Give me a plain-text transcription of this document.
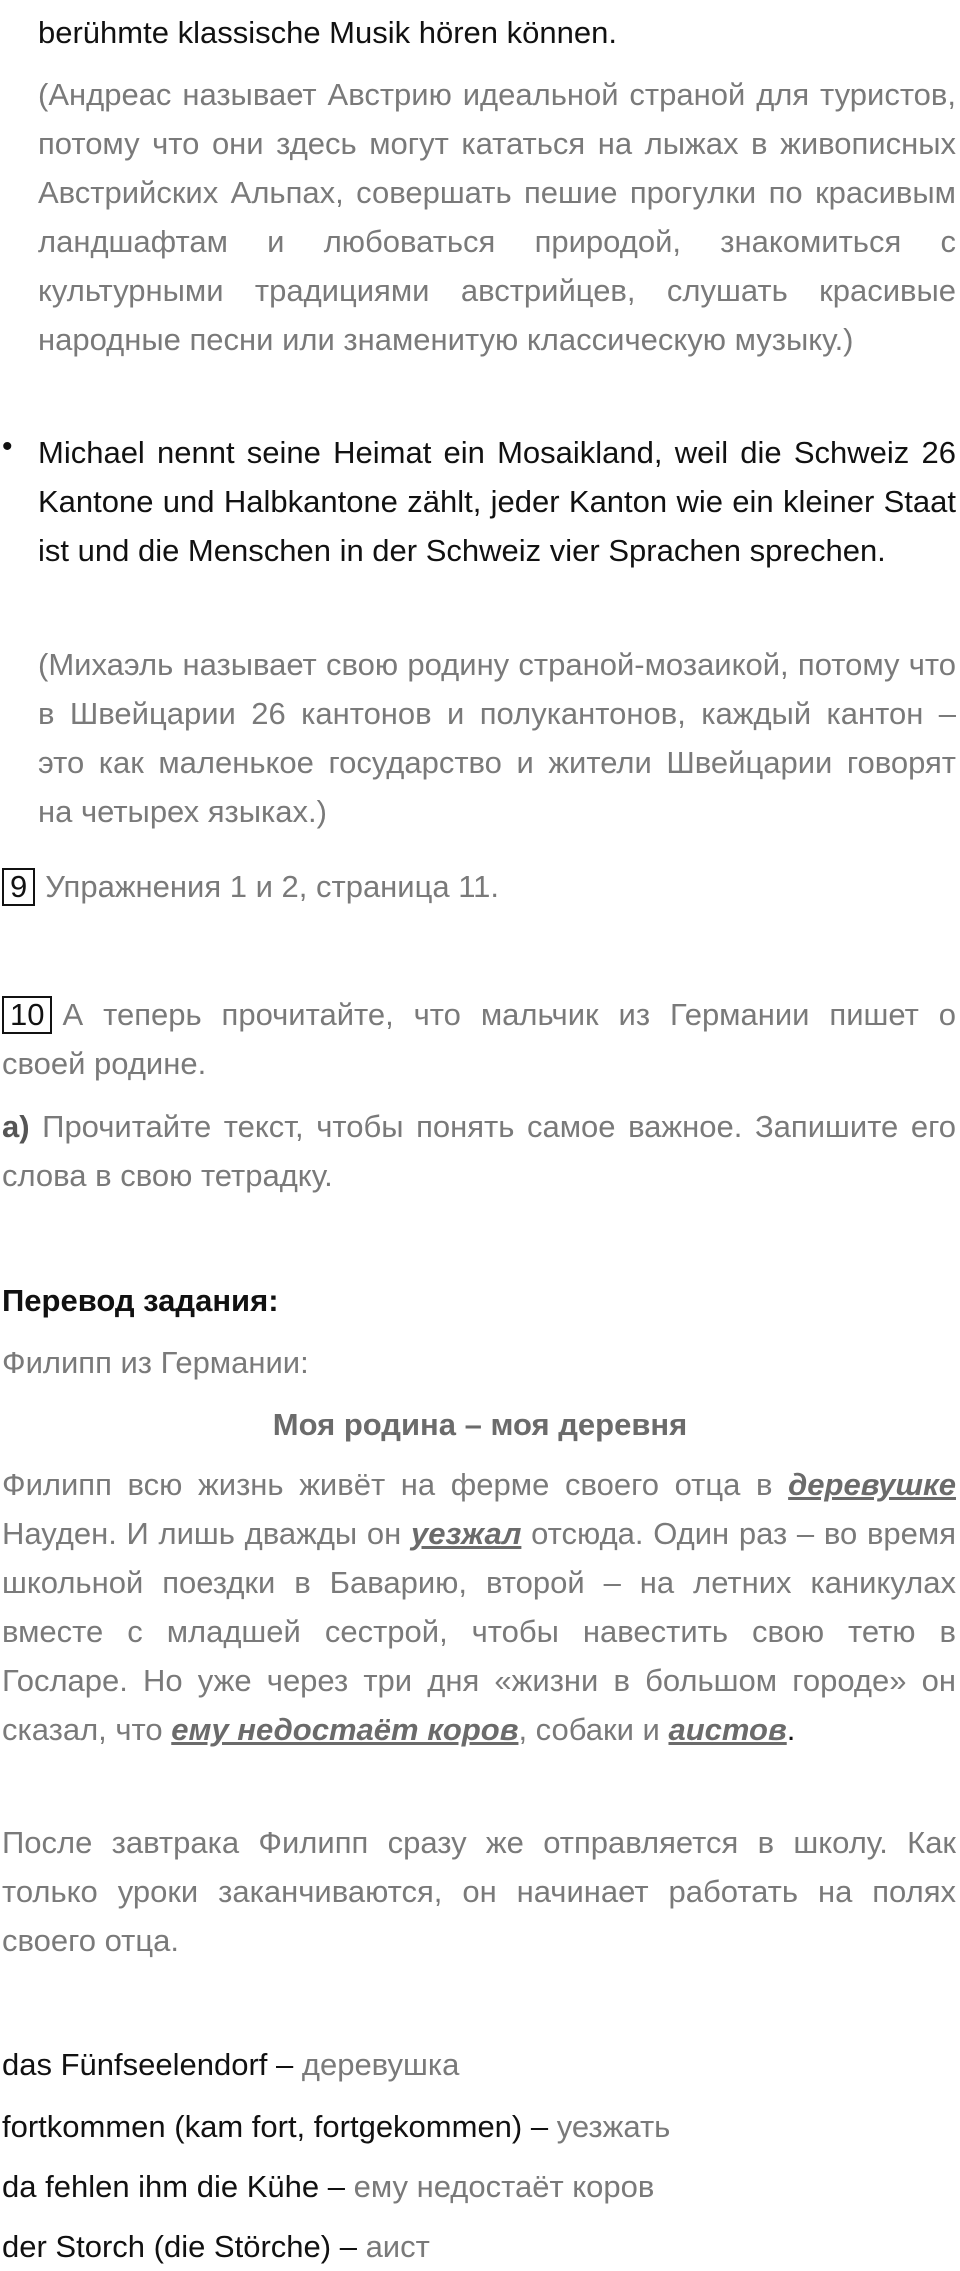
berühmte klassische Musik hören können.

(Андреас называет Австрию идеальной страной для туристов, потому что они здесь могут кататься на лыжах в живописных Австрийских Альпах, совершать пешие прогулки по красивым ландшафтам и любоваться природой, знакомиться с культурными традициями австрийцев, слушать красивые народные песни или знаменитую классическую музыку.)

• Michael nennt seine Heimat ein Mosaikland, weil die Schweiz 26 Kantone und Halbkantone zählt, jeder Kanton wie ein kleiner Staat ist und die Menschen in der Schweiz vier Sprachen sprechen.

(Михаэль называет свою родину страной-мозаикой, потому что в Швейцарии 26 кантонов и полукантонов, каждый кантон – это как маленькое государство и жители Швейцарии говорят на четырех языках.)

9 Упражнения 1 и 2, страница 11.

10 А теперь прочитайте, что мальчик из Германии пишет о своей родине.

а) Прочитайте текст, чтобы понять самое важное. Запишите его слова в свою тетрадку.

Перевод задания:

Филипп из Германии:

Моя родина – моя деревня

Филипп всю жизнь живёт на ферме своего отца в деревушке Науден. И лишь дважды он уезжал отсюда. Один раз – во время школьной поездки в Баварию, второй – на летних каникулах вместе с младшей сестрой, чтобы навестить свою тетю в Госларе. Но уже через три дня «жизни в большом городе» он сказал, что ему недостаёт коров, собаки и аистов.

После завтрака Филипп сразу же отправляется в школу. Как только уроки заканчиваются, он начинает работать на полях своего отца.

das Fünfseelendorf – деревушка

fortkommen (kam fort, fortgekommen) – уезжать

da fehlen ihm die Kühe – ему недостаёт коров

der Storch (die Störche) – аист
